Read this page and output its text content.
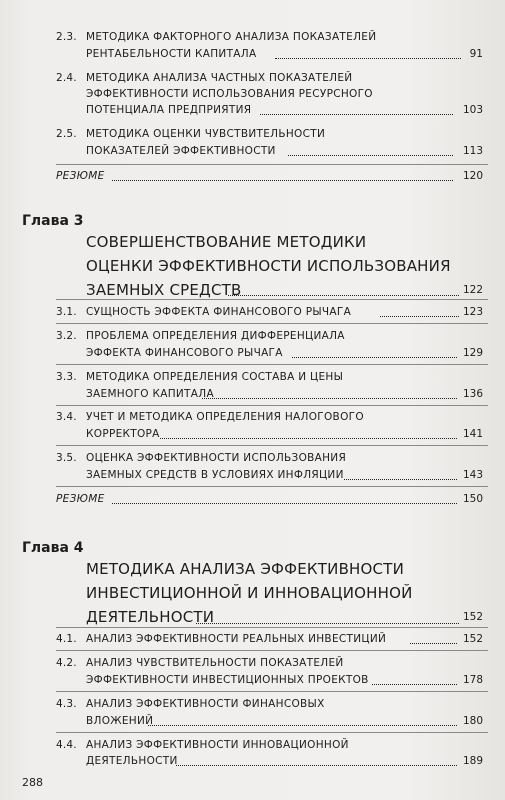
2.3. МЕТОДИКА ФАКТОРНОГО АНАЛИЗА ПОКАЗАТЕЛЕЙ
РЕНТАБЕЛЬНОСТИ КАПИТАЛА	91
2.4. МЕТОДИКА АНАЛИЗА ЧАСТНЫХ ПОКАЗАТЕЛЕЙ
ЭФФЕКТИВНОСТИ ИСПОЛЬЗОВАНИЯ РЕСУРСНОГО
ПОТЕНЦИАЛА ПРЕДПРИЯТИЯ	103
2.5. МЕТОДИКА ОЦЕНКИ ЧУВСТВИТЕЛЬНОСТИ
ПОКАЗАТЕЛЕЙ ЭФФЕКТИВНОСТИ	113
РЕЗЮМЕ	120
Глава 3
СОВЕРШЕНСТВОВАНИЕ МЕТОДИКИ
ОЦЕНКИ ЭФФЕКТИВНОСТИ ИСПОЛЬЗОВАНИЯ
ЗАЕМНЫХ СРЕДСТВ	122
3.1. СУЩНОСТЬ ЭФФЕКТА ФИНАНСОВОГО РЫЧАГА	123
3.2. ПРОБЛЕМА ОПРЕДЕЛЕНИЯ ДИФФЕРЕНЦИАЛА
ЭФФЕКТА ФИНАНСОВОГО РЫЧАГА	129
3.3. МЕТОДИКА ОПРЕДЕЛЕНИЯ СОСТАВА И ЦЕНЫ
ЗАЕМНОГО КАПИТАЛА	136
3.4. УЧЕТ И МЕТОДИКА ОПРЕДЕЛЕНИЯ НАЛОГОВОГО
КОРРЕКТОРА	141
3.5. ОЦЕНКА ЭФФЕКТИВНОСТИ ИСПОЛЬЗОВАНИЯ
ЗАЕМНЫХ СРЕДСТВ В УСЛОВИЯХ ИНФЛЯЦИИ	143
РЕЗЮМЕ	150
Глава 4
МЕТОДИКА АНАЛИЗА ЭФФЕКТИВНОСТИ
ИНВЕСТИЦИОННОЙ И ИННОВАЦИОННОЙ
ДЕЯТЕЛЬНОСТИ	152
4.1. АНАЛИЗ ЭФФЕКТИВНОСТИ РЕАЛЬНЫХ ИНВЕСТИЦИЙ	152
4.2. АНАЛИЗ ЧУВСТВИТЕЛЬНОСТИ ПОКАЗАТЕЛЕЙ
ЭФФЕКТИВНОСТИ ИНВЕСТИЦИОННЫХ ПРОЕКТОВ	178
4.3. АНАЛИЗ ЭФФЕКТИВНОСТИ ФИНАНСОВЫХ
ВЛОЖЕНИЙ	180
4.4. АНАЛИЗ ЭФФЕКТИВНОСТИ ИННОВАЦИОННОЙ
ДЕЯТЕЛЬНОСТИ	189
288
